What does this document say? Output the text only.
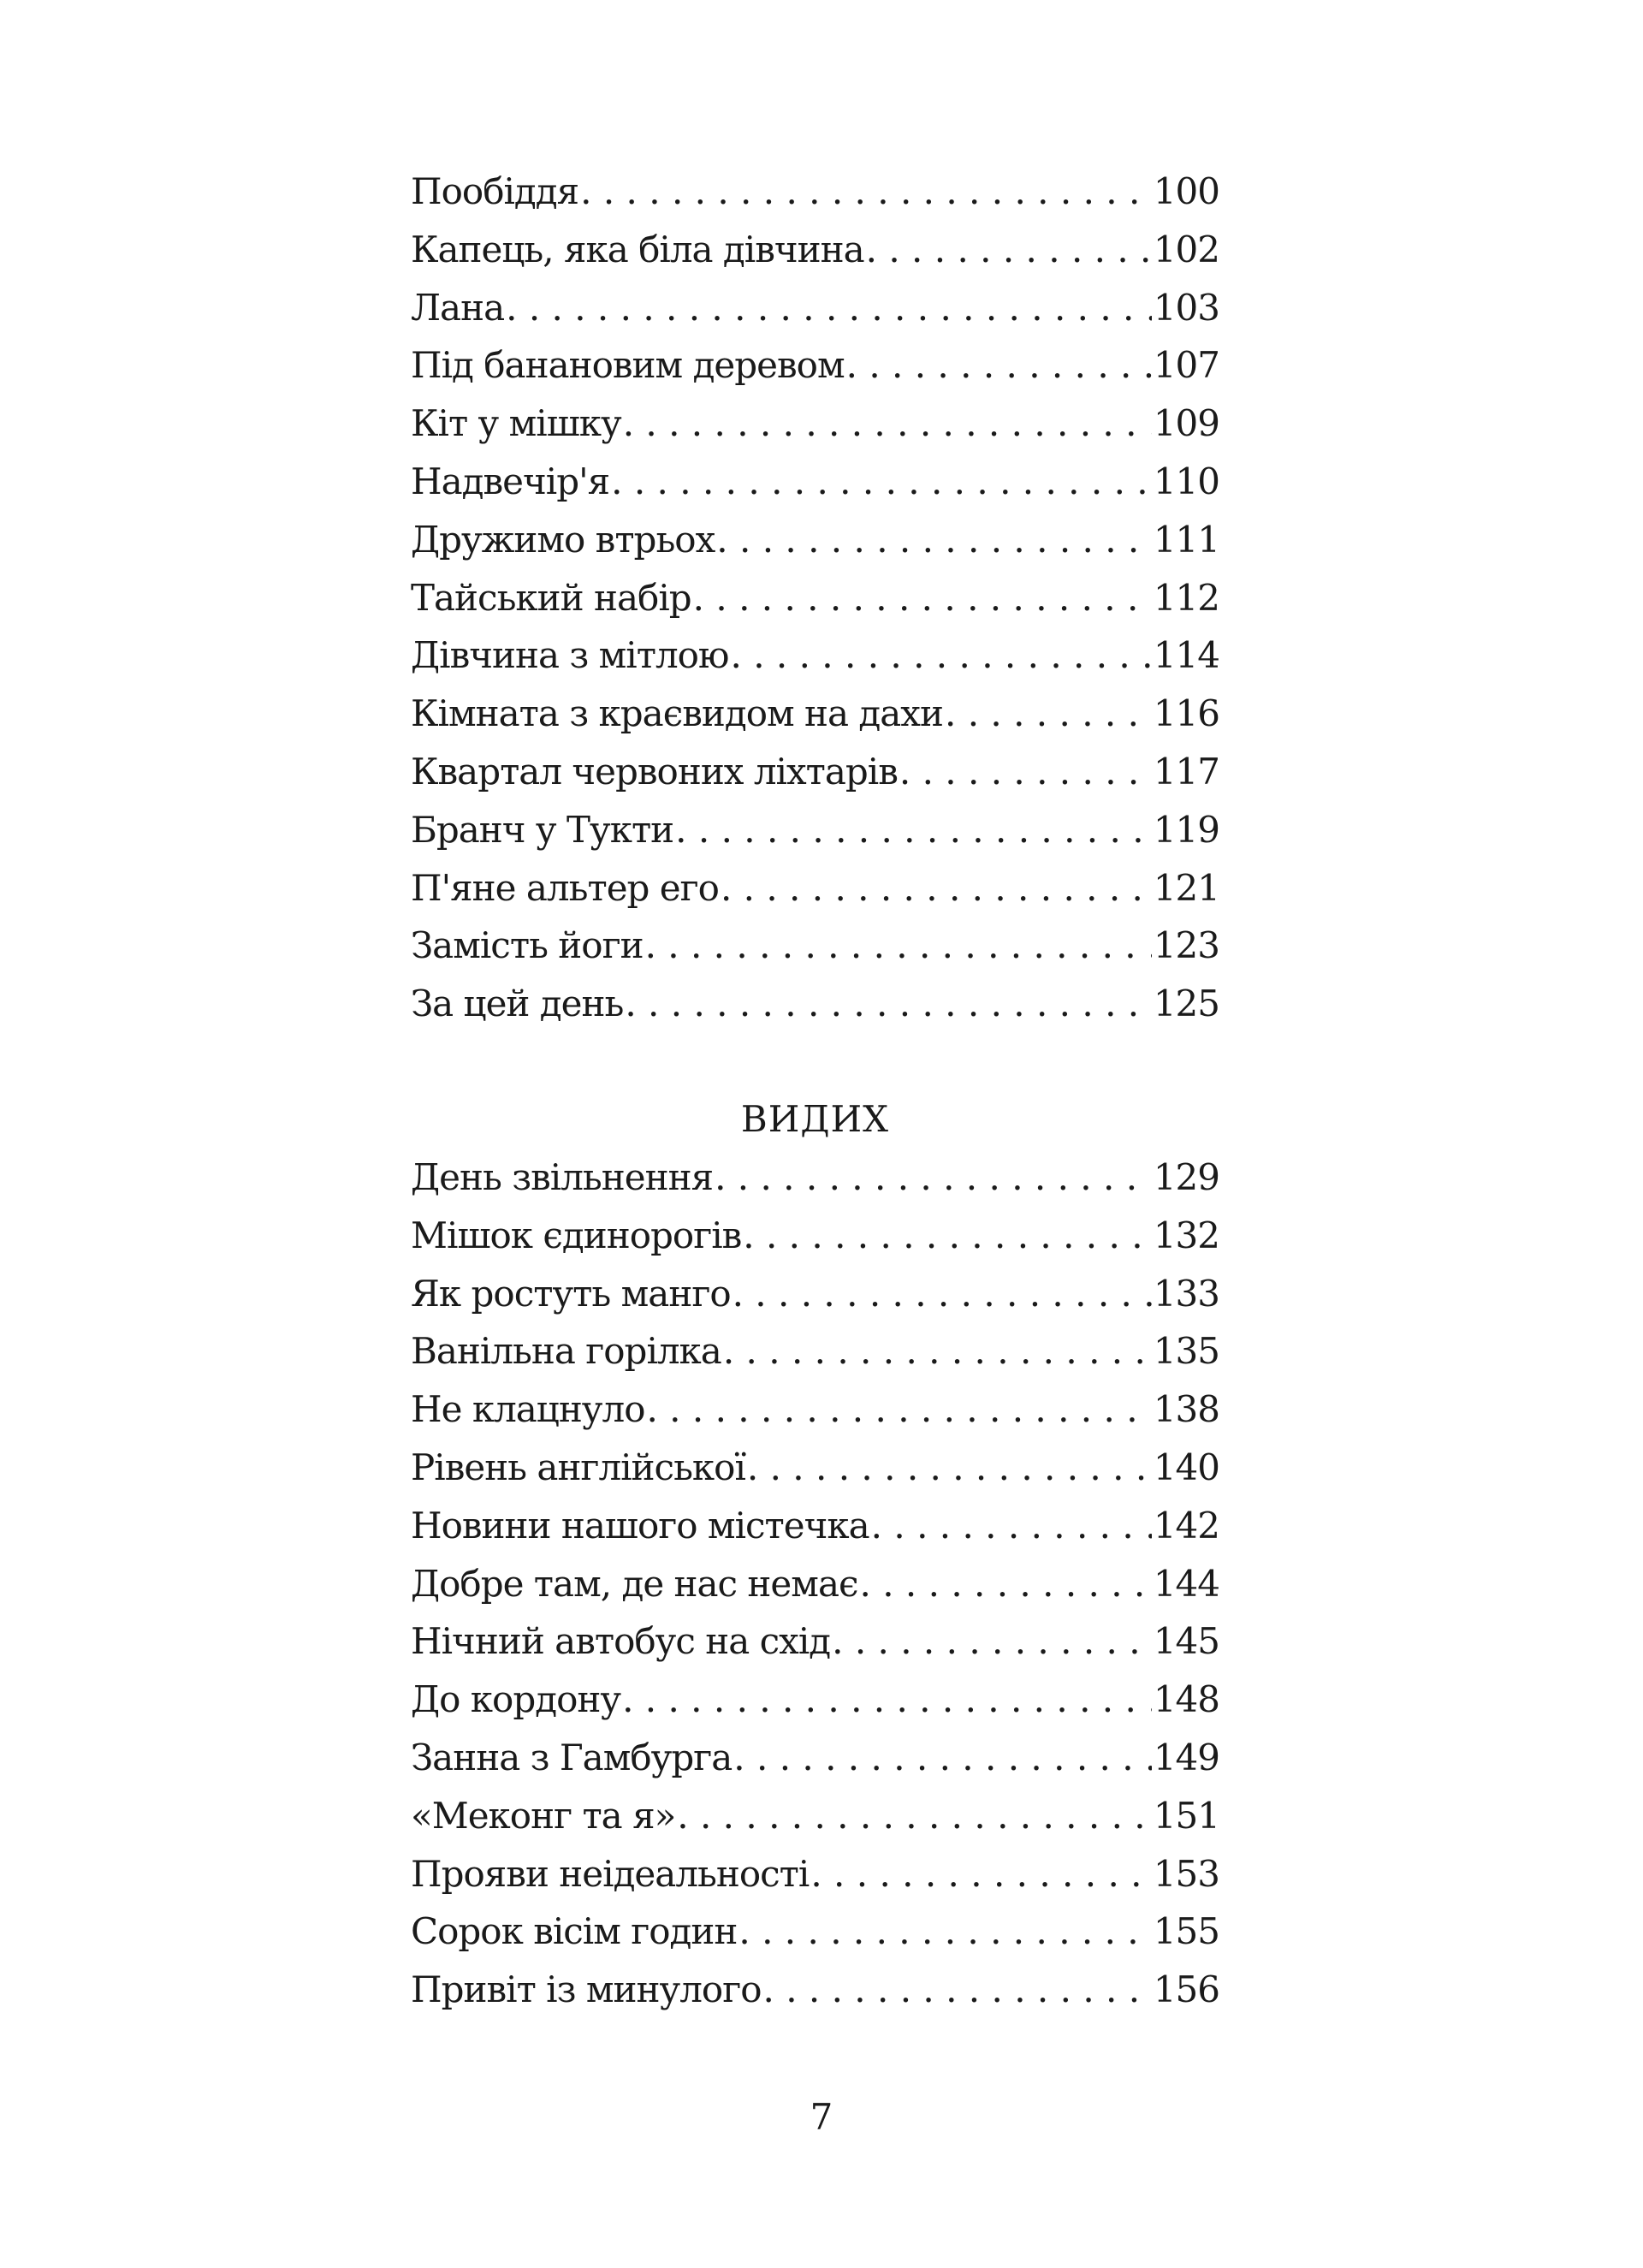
Пообіддя . . .	100
Капець, яка біла дівчина . . .	102
Лана . . .	103
Під банановим деревом . . .	107
Кіт у мішку . . .	109
Надвечір'я . . .	110
Дружимо втрьох . . .	111
Тайський набір . . .	112
Дівчина з мітлою . . .	114
Кімната з краєвидом на дахи . . .	116
Квартал червоних ліхтарів . . .	117
Бранч у Тукти . . .	119
П'яне альтер его . . .	121
Замість йоги . . .	123
За цей день . . .	125
ВИДИХ
День звільнення . . .	129
Мішок єдинорогів . . .	132
Як ростуть манго . . .	133
Ванільна горілка . . .	135
Не клацнуло . . .	138
Рівень англійської . . .	140
Новини нашого містечка . . .	142
Добре там, де нас немає . . .	144
Нічний автобус на схід . . .	145
До кордону . . .	148
Занна з Гамбурга . . .	149
«Меконг та я» . . .	151
Прояви неідеальності . . .	153
Сорок вісім годин . . .	155
Привіт із минулого . . .	156
7
